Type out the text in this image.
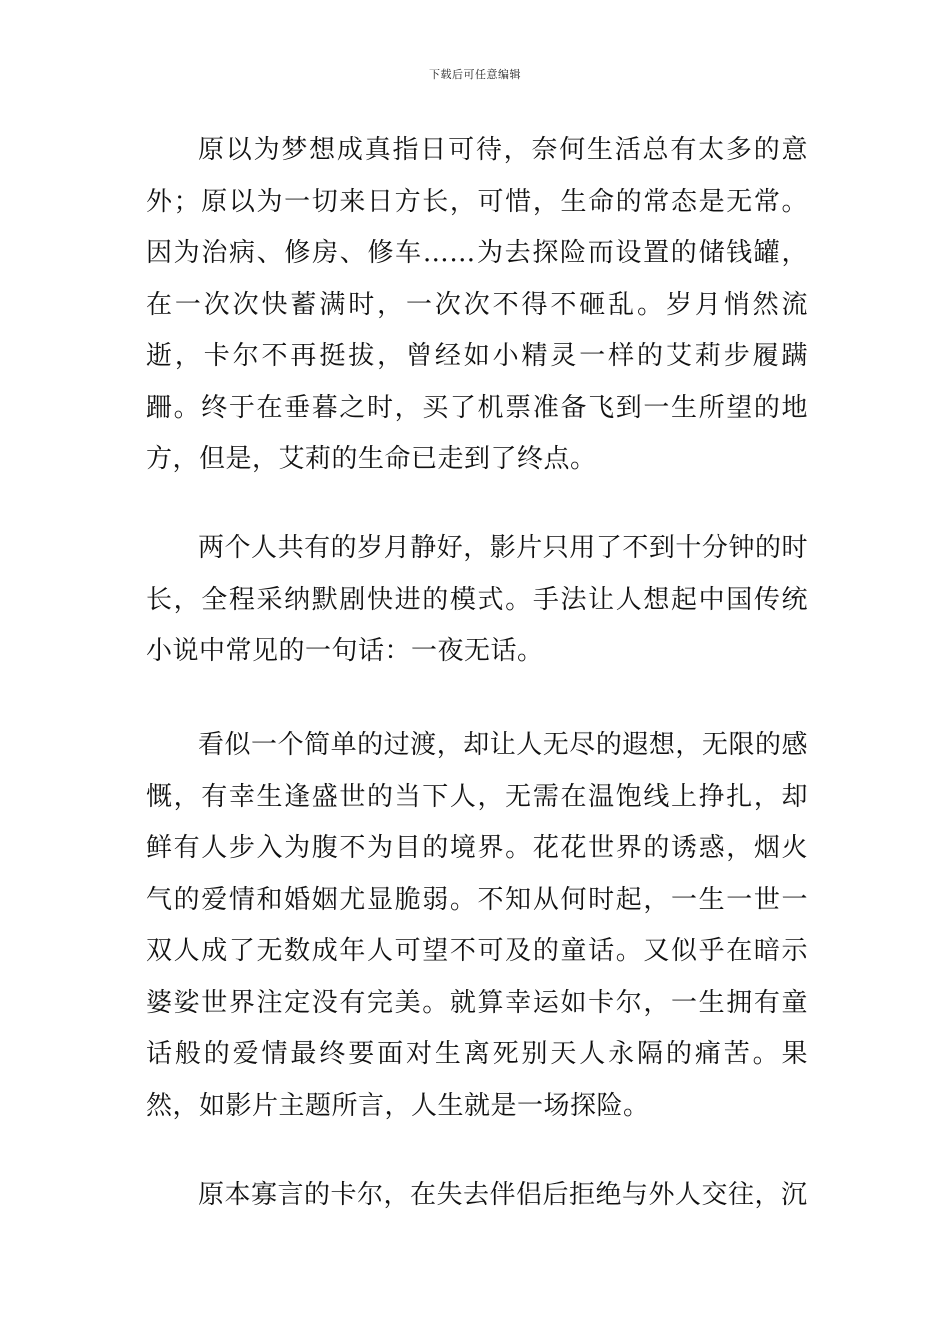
下载后可任意编辑

原以为梦想成真指日可待，奈何生活总有太多的意外；原以为一切来日方长，可惜，生命的常态是无常。因为治病、修房、修车……为去探险而设置的储钱罐，在一次次快蓄满时，一次次不得不砸乱。岁月悄然流逝，卡尔不再挺拔，曾经如小精灵一样的艾莉步履蹒跚。终于在垂暮之时，买了机票准备飞到一生所望的地方，但是，艾莉的生命已走到了终点。

两个人共有的岁月静好，影片只用了不到十分钟的时长，全程采纳默剧快进的模式。手法让人想起中国传统小说中常见的一句话：一夜无话。

看似一个简单的过渡，却让人无尽的遐想，无限的感慨，有幸生逢盛世的当下人，无需在温饱线上挣扎，却鲜有人步入为腹不为目的境界。花花世界的诱惑，烟火气的爱情和婚姻尤显脆弱。不知从何时起，一生一世一双人成了无数成年人可望不可及的童话。又似乎在暗示婆娑世界注定没有完美。就算幸运如卡尔，一生拥有童话般的爱情最终要面对生离死别天人永隔的痛苦。果然，如影片主题所言，人生就是一场探险。

原本寡言的卡尔，在失去伴侣后拒绝与外人交往，沉
